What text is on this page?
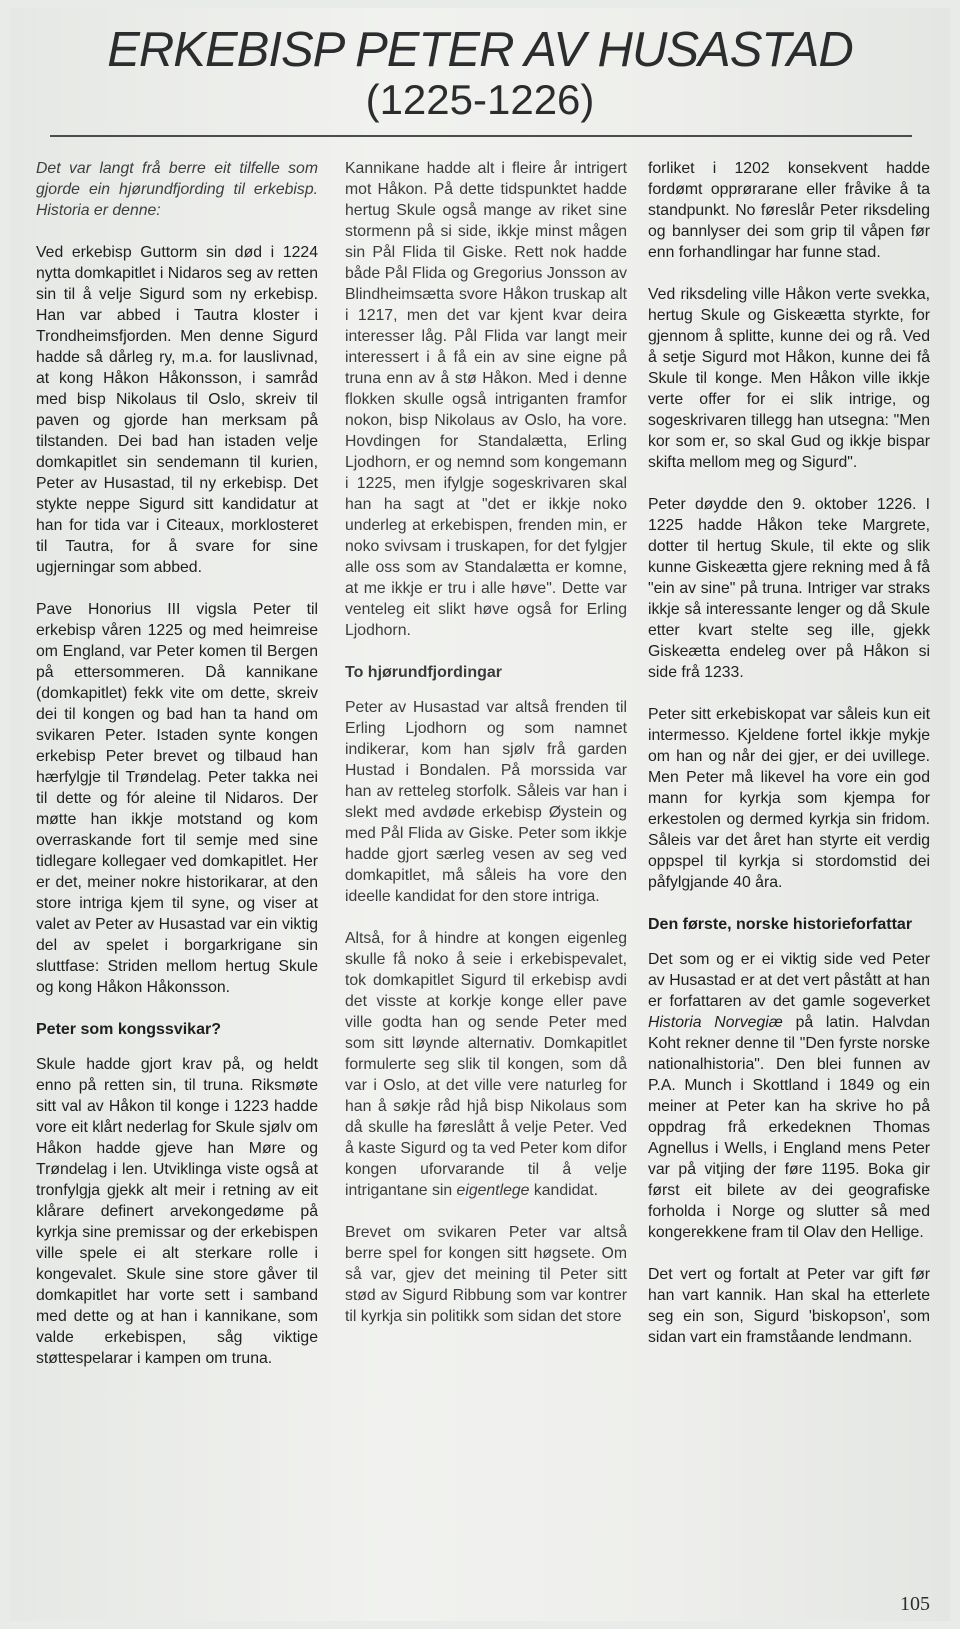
ERKEBISP PETER AV HUSASTAD
(1225-1226)

Det var langt frå berre eit tilfelle som gjorde ein hjørundfjording til erkebisp. Historia er denne:

Ved erkebisp Guttorm sin død i 1224 nytta domkapitlet i Nidaros seg av retten sin til å velje Sigurd som ny erkebisp. Han var abbed i Tautra kloster i Trondheimsfjorden. Men denne Sigurd hadde så dårleg ry, m.a. for lauslivnad, at kong Håkon Håkonsson, i samråd med bisp Nikolaus til Oslo, skreiv til paven og gjorde han merksam på tilstanden. Dei bad han istaden velje domkapitlet sin sendemann til kurien, Peter av Husastad, til ny erkebisp. Det stykte neppe Sigurd sitt kandidatur at han for tida var i Citeaux, morklosteret til Tautra, for å svare for sine ugjerningar som abbed.

Pave Honorius III vigsla Peter til erkebisp våren 1225 og med heimreise om England, var Peter komen til Bergen på ettersommeren. Då kannikane (domkapitlet) fekk vite om dette, skreiv dei til kongen og bad han ta hand om svikaren Peter. Istaden synte kongen erkebisp Peter brevet og tilbaud han hærfylgje til Trøndelag. Peter takka nei til dette og fór aleine til Nidaros. Der møtte han ikkje motstand og kom overraskande fort til semje med sine tidlegare kollegaer ved domkapitlet. Her er det, meiner nokre historikarar, at den store intriga kjem til syne, og viser at valet av Peter av Husastad var ein viktig del av spelet i borgarkrigane sin sluttfase: Striden mellom hertug Skule og kong Håkon Håkonsson.

Peter som kongssvikar?

Skule hadde gjort krav på, og heldt enno på retten sin, til truna. Riksmøte sitt val av Håkon til konge i 1223 hadde vore eit klårt nederlag for Skule sjølv om Håkon hadde gjeve han Møre og Trøndelag i len. Utviklinga viste også at tronfylgja gjekk alt meir i retning av eit klårare definert arvekongedøme på kyrkja sine premissar og der erkebispen ville spele ei alt sterkare rolle i kongevalet. Skule sine store gåver til domkapitlet har vorte sett i samband med dette og at han i kannikane, som valde erkebispen, såg viktige støttespelarar i kampen om truna.

Kannikane hadde alt i fleire år intrigert mot Håkon. På dette tidspunktet hadde hertug Skule også mange av riket sine stormenn på si side, ikkje minst mågen sin Pål Flida til Giske. Rett nok hadde både Pål Flida og Gregorius Jonsson av Blindheimsætta svore Håkon truskap alt i 1217, men det var kjent kvar deira interesser låg. Pål Flida var langt meir interessert i å få ein av sine eigne på truna enn av å stø Håkon. Med i denne flokken skulle også intriganten framfor nokon, bisp Nikolaus av Oslo, ha vore. Hovdingen for Standalætta, Erling Ljodhorn, er og nemnd som kongemann i 1225, men ifylgje sogeskrivaren skal han ha sagt at "det er ikkje noko underleg at erkebispen, frenden min, er noko svivsam i truskapen, for det fylgjer alle oss som av Standalætta er komne, at me ikkje er tru i alle høve". Dette var venteleg eit slikt høve også for Erling Ljodhorn.

To hjørundfjordingar

Peter av Husastad var altså frenden til Erling Ljodhorn og som namnet indikerar, kom han sjølv frå garden Hustad i Bondalen. På morssida var han av retteleg storfolk. Såleis var han i slekt med avdøde erkebisp Øystein og med Pål Flida av Giske. Peter som ikkje hadde gjort særleg vesen av seg ved domkapitlet, må såleis ha vore den ideelle kandidat for den store intriga.

Altså, for å hindre at kongen eigenleg skulle få noko å seie i erkebispevalet, tok domkapitlet Sigurd til erkebisp avdi det visste at korkje konge eller pave ville godta han og sende Peter med som sitt løynde alternativ. Domkapitlet formulerte seg slik til kongen, som då var i Oslo, at det ville vere naturleg for han å søkje råd hjå bisp Nikolaus som då skulle ha føreslått å velje Peter. Ved å kaste Sigurd og ta ved Peter kom difor kongen uforvarande til å velje intrigantane sin eigentlege kandidat.

Brevet om svikaren Peter var altså berre spel for kongen sitt høgsete. Om så var, gjev det meining til Peter sitt stød av Sigurd Ribbung som var kontrer til kyrkja sin politikk som sidan det store

forliket i 1202 konsekvent hadde fordømt opprørarane eller fråvike å ta standpunkt. No føreslår Peter riksdeling og bannlyser dei som grip til våpen før enn forhandlingar har funne stad.

Ved riksdeling ville Håkon verte svekka, hertug Skule og Giskeætta styrkte, for gjennom å splitte, kunne dei og rå. Ved å setje Sigurd mot Håkon, kunne dei få Skule til konge. Men Håkon ville ikkje verte offer for ei slik intrige, og sogeskrivaren tillegg han utsegna: "Men kor som er, so skal Gud og ikkje bispar skifta mellom meg og Sigurd".

Peter døydde den 9. oktober 1226. I 1225 hadde Håkon teke Margrete, dotter til hertug Skule, til ekte og slik kunne Giskeætta gjere rekning med å få "ein av sine" på truna. Intriger var straks ikkje så interessante lenger og då Skule etter kvart stelte seg ille, gjekk Giskeætta endeleg over på Håkon si side frå 1233.

Peter sitt erkebiskopat var såleis kun eit intermesso. Kjeldene fortel ikkje mykje om han og når dei gjer, er dei uvillege. Men Peter må likevel ha vore ein god mann for kyrkja som kjempa for erkestolen og dermed kyrkja sin fridom. Såleis var det året han styrte eit verdig oppspel til kyrkja si stordomstid dei påfylgjande 40 åra.

Den første, norske historieforfattar

Det som og er ei viktig side ved Peter av Husastad er at det vert påstått at han er forfattaren av det gamle sogeverket Historia Norvegiæ på latin. Halvdan Koht rekner denne til "Den fyrste norske nationalhistoria". Den blei funnen av P.A. Munch i Skottland i 1849 og ein meiner at Peter kan ha skrive ho på oppdrag frå erkedeknen Thomas Agnellus i Wells, i England mens Peter var på vitjing der føre 1195. Boka gir først eit bilete av dei geografiske forholda i Norge og slutter så med kongerekkene fram til Olav den Hellige.

Det vert og fortalt at Peter var gift før han vart kannik. Han skal ha etterlete seg ein son, Sigurd 'biskopson', som sidan vart ein framståande lendmann.

105
